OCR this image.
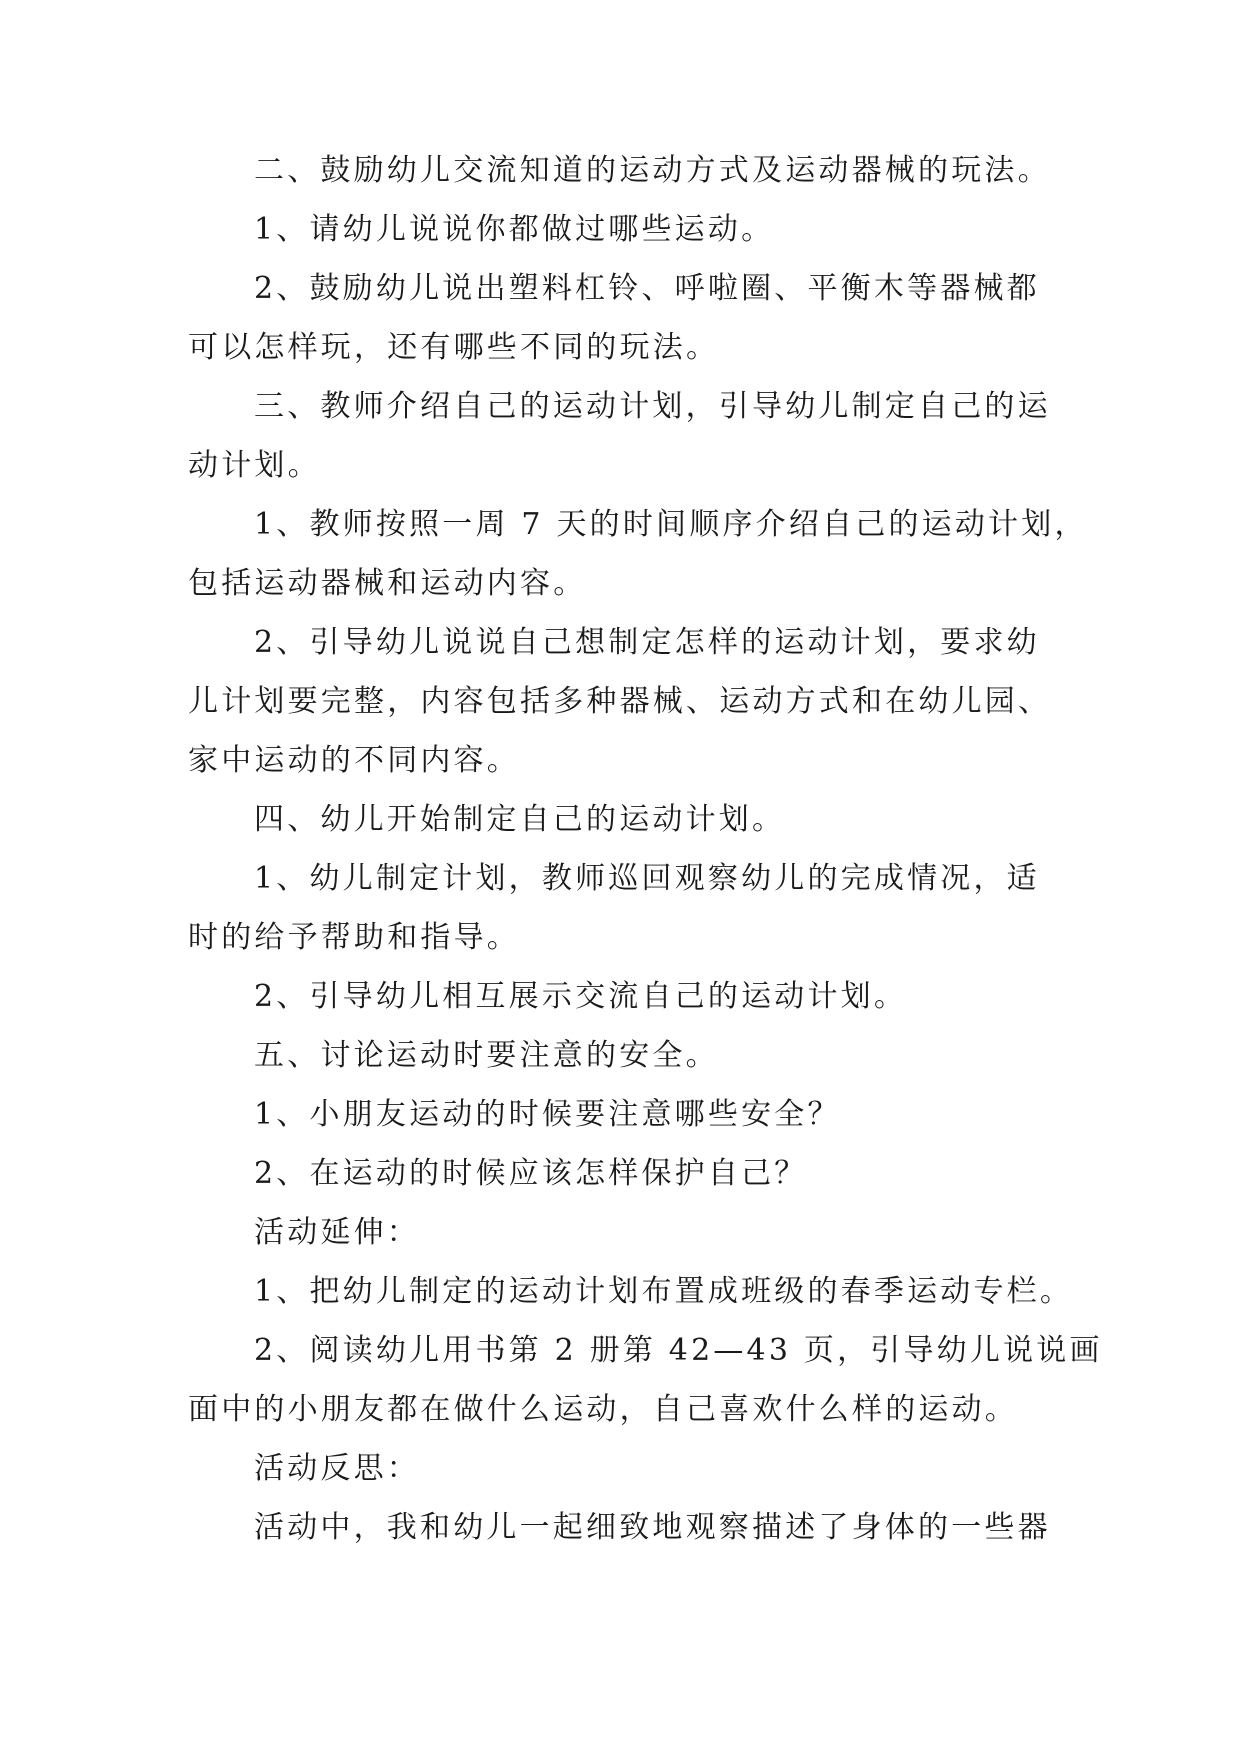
二、鼓励幼儿交流知道的运动方式及运动器械的玩法。
1、请幼儿说说你都做过哪些运动。
2、鼓励幼儿说出塑料杠铃、呼啦圈、平衡木等器械都
可以怎样玩，还有哪些不同的玩法。
三、教师介绍自己的运动计划，引导幼儿制定自己的运
动计划。
1、教师按照一周 7 天的时间顺序介绍自己的运动计划，
包括运动器械和运动内容。
2、引导幼儿说说自己想制定怎样的运动计划，要求幼
儿计划要完整，内容包括多种器械、运动方式和在幼儿园、
家中运动的不同内容。
四、幼儿开始制定自己的运动计划。
1、幼儿制定计划，教师巡回观察幼儿的完成情况，适
时的给予帮助和指导。
2、引导幼儿相互展示交流自己的运动计划。
五、讨论运动时要注意的安全。
1、小朋友运动的时候要注意哪些安全？
2、在运动的时候应该怎样保护自己？
活动延伸：
1、把幼儿制定的运动计划布置成班级的春季运动专栏。
2、阅读幼儿用书第 2 册第 42—43 页，引导幼儿说说画
面中的小朋友都在做什么运动，自己喜欢什么样的运动。
活动反思：
活动中，我和幼儿一起细致地观察描述了身体的一些器
